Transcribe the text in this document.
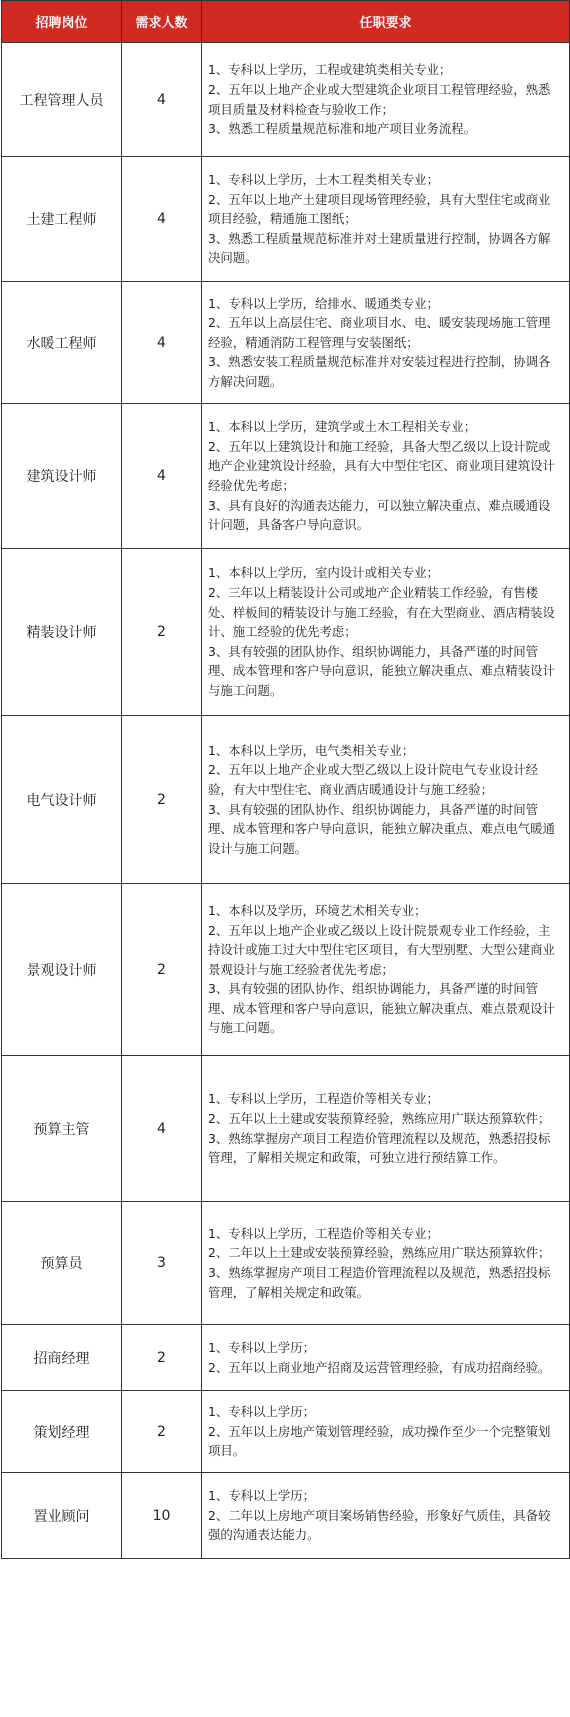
招聘岗位	需求人数	任职要求
工程管理人员	4	1、专科以上学历，工程或建筑类相关专业；
2、五年以上地产企业或大型建筑企业项目工程管理经验，熟悉项目质量及材料检查与验收工作；
3、熟悉工程质量规范标准和地产项目业务流程。

土建工程师	4	1、专科以上学历，土木工程类相关专业；
2、五年以上地产土建项目现场管理经验，具有大型住宅或商业项目经验，精通施工图纸；
3、熟悉工程质量规范标准并对土建质量进行控制，协调各方解决问题。

水暖工程师	4	1、专科以上学历，给排水、暖通类专业；
2、五年以上高层住宅、商业项目水、电、暖安装现场施工管理经验，精通消防工程管理与安装图纸；
3、熟悉安装工程质量规范标准并对安装过程进行控制，协调各方解决问题。

建筑设计师	4	1、本科以上学历，建筑学或土木工程相关专业；
2、五年以上建筑设计和施工经验，具备大型乙级以上设计院或地产企业建筑设计经验，具有大中型住宅区、商业项目建筑设计经验优先考虑；
3、具有良好的沟通表达能力，可以独立解决重点、难点暖通设计问题，具备客户导向意识。

精装设计师	2	1、本科以上学历，室内设计或相关专业；
2、三年以上精装设计公司或地产企业精装工作经验，有售楼处、样板间的精装设计与施工经验，有在大型商业、酒店精装设计、施工经验的优先考虑；
3、具有较强的团队协作、组织协调能力，具备严谨的时间管理、成本管理和客户导向意识，能独立解决重点、难点精装设计与施工问题。

电气设计师	2	1、本科以上学历，电气类相关专业；
2、五年以上地产企业或大型乙级以上设计院电气专业设计经验，有大中型住宅、商业酒店暖通设计与施工经验；
3、具有较强的团队协作、组织协调能力，具备严谨的时间管理、成本管理和客户导向意识，能独立解决重点、难点电气暖通设计与施工问题。

景观设计师	2	1、本科以及学历，环境艺术相关专业；
2、五年以上地产企业或乙级以上设计院景观专业工作经验，主持设计或施工过大中型住宅区项目，有大型别墅、大型公建商业景观设计与施工经验者优先考虑；
3、具有较强的团队协作、组织协调能力，具备严谨的时间管理、成本管理和客户导向意识，能独立解决重点、难点景观设计与施工问题。

预算主管	4	1、专科以上学历，工程造价等相关专业；
2、五年以上土建或安装预算经验，熟练应用广联达预算软件；
3、熟练掌握房产项目工程造价管理流程以及规范，熟悉招投标管理，了解相关规定和政策，可独立进行预结算工作。

预算员	3	1、专科以上学历，工程造价等相关专业；
2、二年以上土建或安装预算经验，熟练应用广联达预算软件；
3、熟练掌握房产项目工程造价管理流程以及规范，熟悉招投标管理，了解相关规定和政策。

招商经理	2	1、专科以上学历；
2、五年以上商业地产招商及运营管理经验，有成功招商经验。

策划经理	2	1、专科以上学历；
2、五年以上房地产策划管理经验，成功操作至少一个完整策划项目。

置业顾问	10	1、专科以上学历；
2、二年以上房地产项目案场销售经验，形象好气质佳，具备较强的沟通表达能力。
